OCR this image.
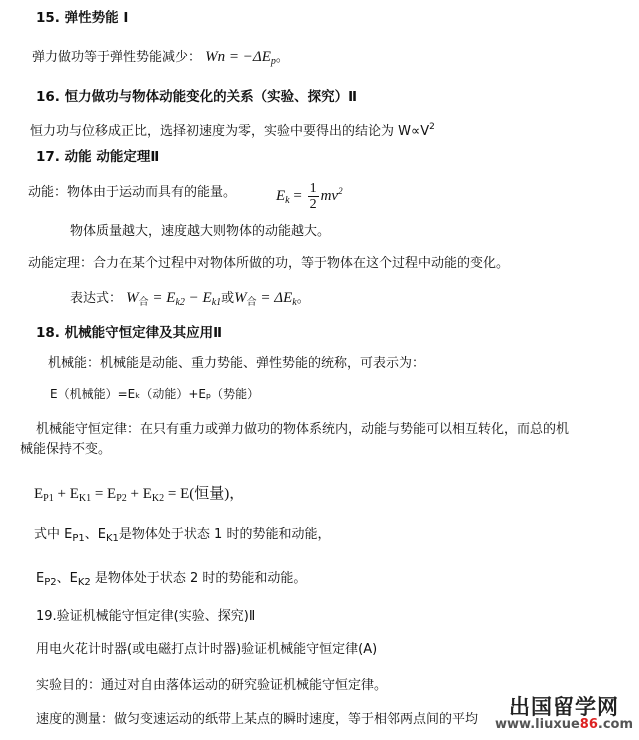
15. 弹性势能 Ⅰ
弹力做功等于弹性势能减少： $Wn = -\Delta E_p$。
16. 恒力做功与物体动能变化的关系（实验、探究）Ⅱ
恒力功与位移成正比，选择初速度为零，实验中要得出的结论为 $W\propto V^2$
17. 动能 动能定理Ⅱ
动能：物体由于运动而具有的能量。	$E_k = \frac{1}{2} mv^2$
物体质量越大，速度越大则物体的动能越大。
动能定理：合力在某个过程中对物体所做的功，等于物体在这个过程中动能的变化。
表达式： $W_合 = E_{k2} - E_{k1}$或$W_合 = \Delta E_k$。
18. 机械能守恒定律及其应用Ⅱ
机械能：机械能是动能、重力势能、弹性势能的统称，可表示为：
E（机械能）=Eₖ（动能）+Eₚ（势能）
机械能守恒定律：在只有重力或弹力做功的物体系统内，动能与势能可以相互转化，而总的机
械能保持不变。
$E_{P1} + E_{K1} = E_{P2} + E_{K2} = E$(恒量)，
式中 $E_{P1}$、$E_{K1}$是物体处于状态 1 时的势能和动能，
$E_{P2}$、$E_{K2}$ 是物体处于状态 2 时的势能和动能。
19.验证机械能守恒定律(实验、探究)Ⅱ
用电火花计时器(或电磁打点计时器)验证机械能守恒定律(A)
实验目的：通过对自由落体运动的研究验证机械能守恒定律。
速度的测量：做匀变速运动的纸带上某点的瞬时速度，等于相邻两点间的平均
出国留学网
www.liuxue86.com
